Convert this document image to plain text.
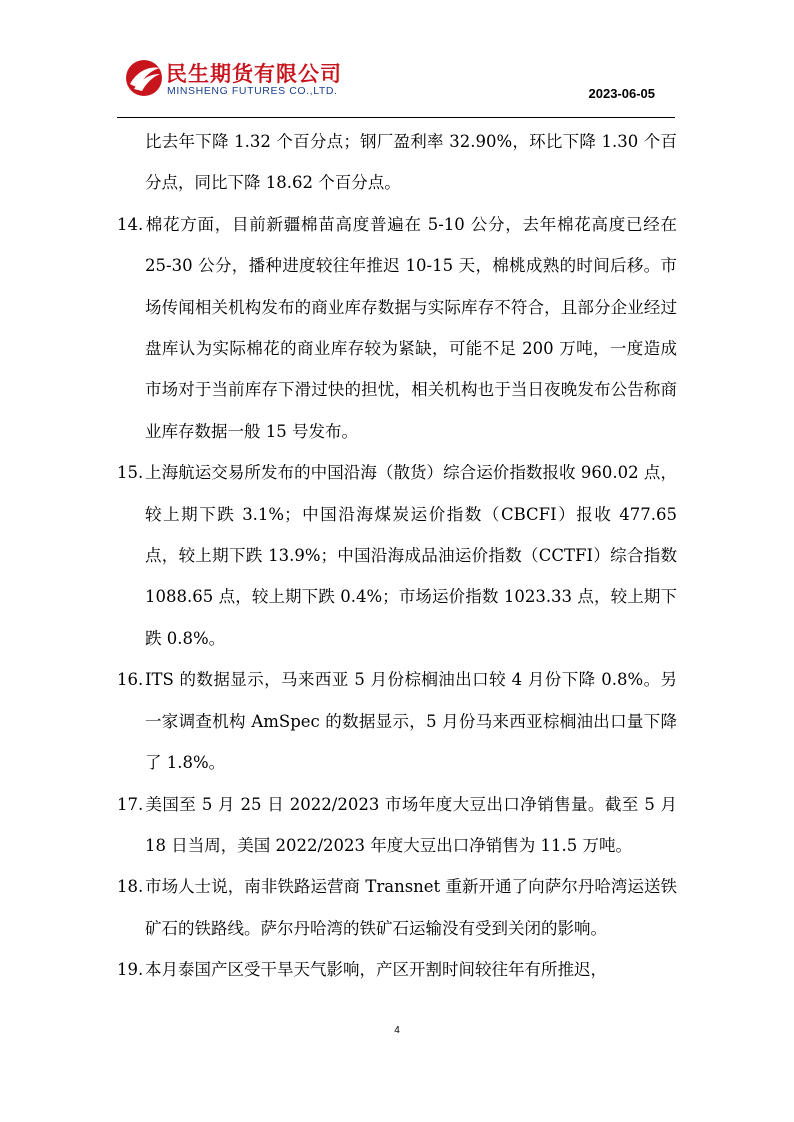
民生期货有限公司
MINSHENG FUTURES CO.,LTD.	2023-06-05

比去年下降 1.32 个百分点；钢厂盈利率 32.90%，环比下降 1.30 个百分点，同比下降 18.62 个百分点。

14. 棉花方面，目前新疆棉苗高度普遍在 5-10 公分，去年棉花高度已经在 25-30 公分，播种进度较往年推迟 10-15 天，棉桃成熟的时间后移。市场传闻相关机构发布的商业库存数据与实际库存不符合，且部分企业经过盘库认为实际棉花的商业库存较为紧缺，可能不足 200 万吨，一度造成市场对于当前库存下滑过快的担忧，相关机构也于当日夜晚发布公告称商业库存数据一般 15 号发布。

15. 上海航运交易所发布的中国沿海（散货）综合运价指数报收 960.02 点，较上期下跌 3.1%；中国沿海煤炭运价指数（CBCFI）报收 477.65 点，较上期下跌 13.9%；中国沿海成品油运价指数（CCTFI）综合指数 1088.65 点，较上期下跌 0.4%；市场运价指数 1023.33 点，较上期下跌 0.8%。

16. ITS 的数据显示，马来西亚 5 月份棕榈油出口较 4 月份下降 0.8%。另一家调查机构 AmSpec 的数据显示，5 月份马来西亚棕榈油出口量下降了 1.8%。

17. 美国至 5 月 25 日 2022/2023 市场年度大豆出口净销售量。截至 5 月 18 日当周，美国 2022/2023 年度大豆出口净销售为 11.5 万吨。

18. 市场人士说，南非铁路运营商 Transnet 重新开通了向萨尔丹哈湾运送铁矿石的铁路线。萨尔丹哈湾的铁矿石运输没有受到关闭的影响。

19. 本月泰国产区受干旱天气影响，产区开割时间较往年有所推迟，

4
